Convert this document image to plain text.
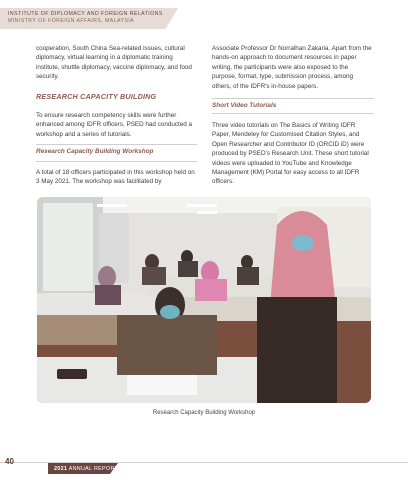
INSTITUTE OF DIPLOMACY AND FOREIGN RELATIONS
MINISTRY OF FOREIGN AFFAIRS, MALAYSIA

cooperation, South China Sea-related issues, cultural diplomacy, virtual learning in a diplomatic training institute, shuttle diplomacy, vaccine diplomacy, and food security.

RESEARCH CAPACITY BUILDING
To ensure research competency skills were further enhanced among IDFR officers, PSED had conducted a workshop and a series of tutorials.
Research Capacity Building Workshop
A total of 18 officers participated in this workshop held on 3 May 2021. The workshop was facilitated by

Associate Professor Dr Norralhan Zakaria. Apart from the hands-on approach to document resources in paper writing, the participants were also exposed to the purpose, format, type, submission process, among others, of the IDFR's in-house papers.

Short Video Tutorials
Three video tutorials on The Basics of Writing IDFR Paper, Mendeley for Customised Citation Styles, and Open Researcher and Contributor ID (ORCID iD) were produced by PSED's Research Unit. These short tutorial videos were uploaded to YouTube and Knowledge Management (KM) Portal for easy access to all IDFR officers.
Research Capacity Building Workshop
40
2021 ANNUAL REPORT
